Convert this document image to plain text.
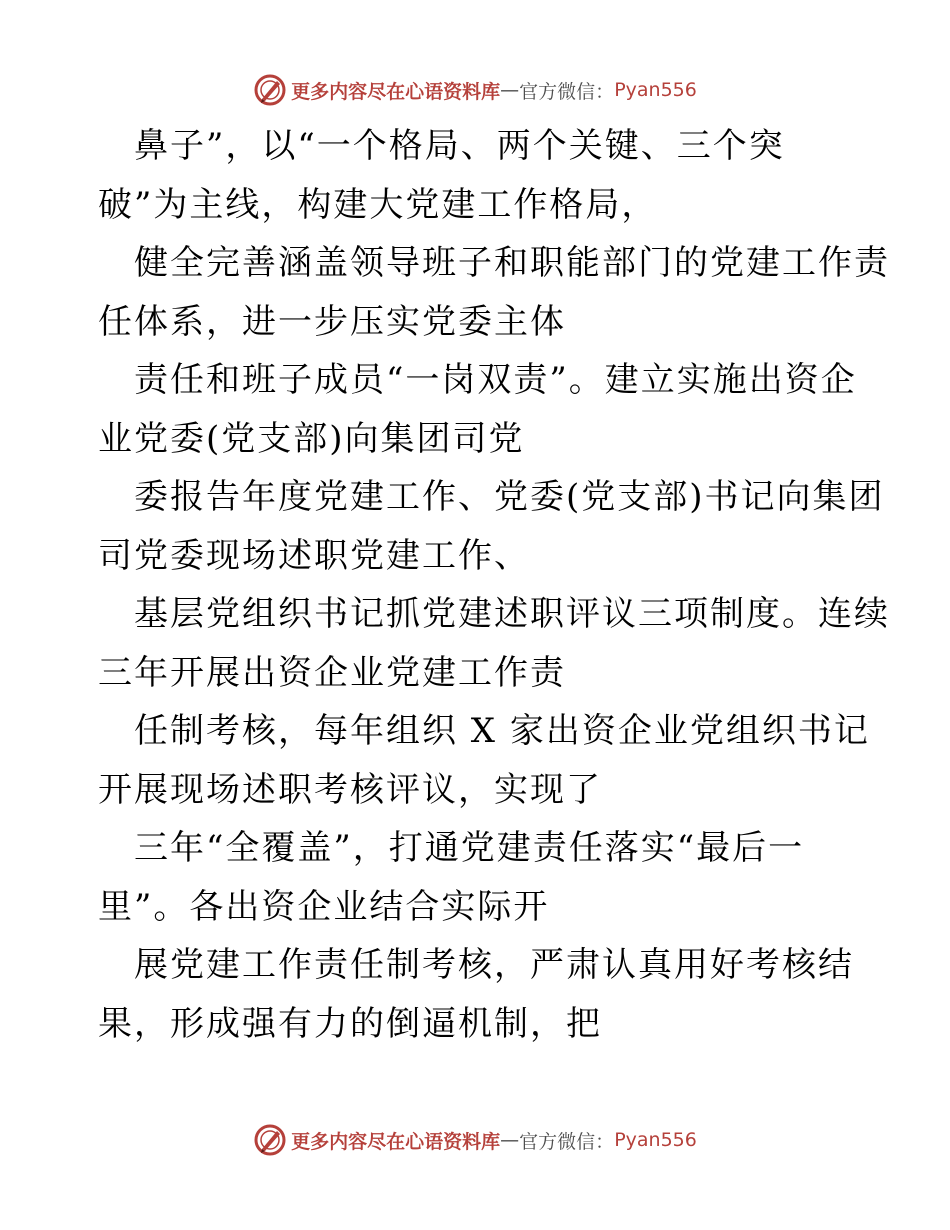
更多内容尽在心语资料库 — 官方微信： Pyan556
鼻子”，以“一个格局、两个关键、三个突
破”为主线，构建大党建工作格局，
健全完善涵盖领导班子和职能部门的党建工作责
任体系，进一步压实党委主体
责任和班子成员“一岗双责”。建立实施出资企
业党委(党支部)向集团司党
委报告年度党建工作、党委(党支部)书记向集团
司党委现场述职党建工作、
基层党组织书记抓党建述职评议三项制度。连续
三年开展出资企业党建工作责
任制考核，每年组织 X 家出资企业党组织书记
开展现场述职考核评议，实现了
三年“全覆盖”，打通党建责任落实“最后一
里”。各出资企业结合实际开
展党建工作责任制考核，严肃认真用好考核结
果，形成强有力的倒逼机制，把
更多内容尽在心语资料库 — 官方微信： Pyan556
